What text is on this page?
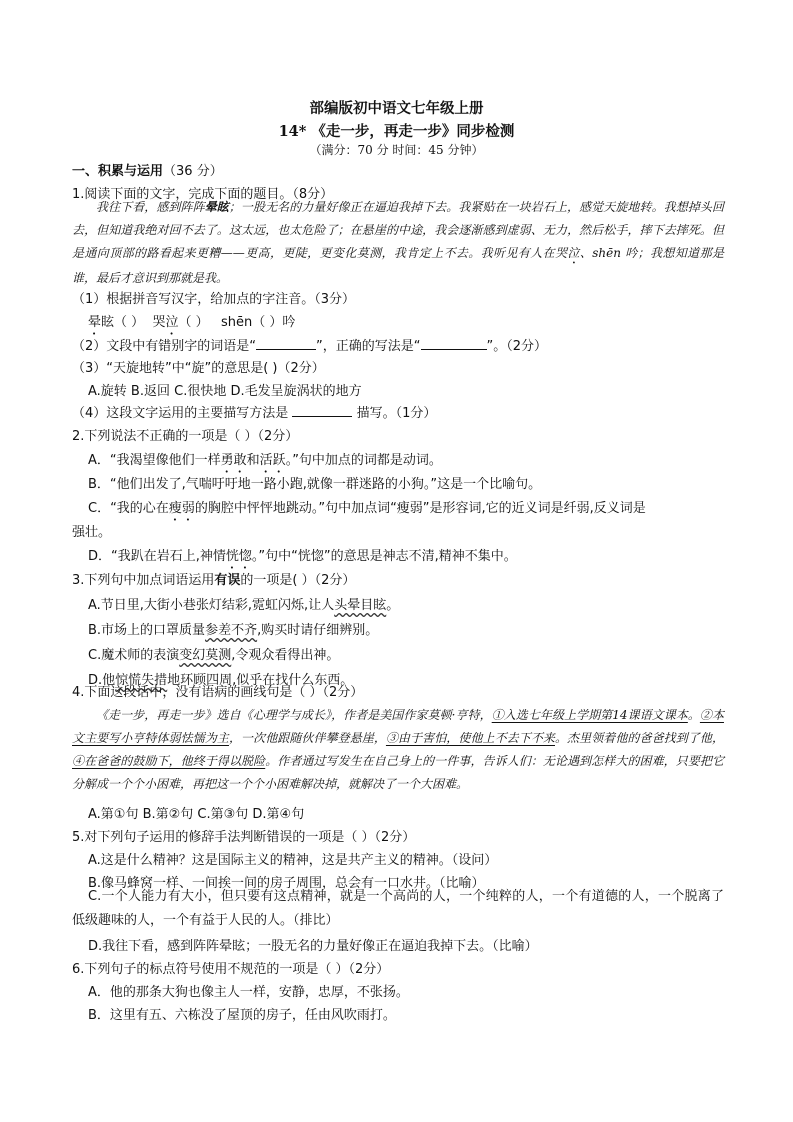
部编版初中语文七年级上册
14* 《走一步，再走一步》同步检测
（满分：70 分 时间：45 分钟）
一、积累与运用（36 分）
1.阅读下面的文字，完成下面的题目。（8分）
我往下看，感到阵阵晕眩；一股无名的力量好像正在逼迫我掉下去。我紧贴在一块岩石上，感觉天旋地转。我想掉头回去，但知道我绝对回不去了。这太远，也太危险了；在悬崖的中途，我会逐渐感到虚弱、无力，然后松手，摔下去摔死。但是通向顶部的路看起来更糟——更高，更陡，更变化莫测，我肯定上不去。我听见有人在哭泣、shēn 吟；我想知道那是谁，最后才意识到那就是我。
（1）根据拼音写汉字，给加点的字注音。（3分）
晕眩（ ） 哭泣（ ） shēn（ ）吟
（2）文段中有错别字的词语是“	”，正确的写法是“	”。（2分）
（3）“天旋地转”中“旋”的意思是( )（2分）
A.旋转 B.返回 C.很快地 D.毛发呈旋涡状的地方
（4）这段文字运用的主要描写方法是	描写。（1分）
2.下列说法不正确的一项是（ ）（2分）
A．“我渴望像他们一样勇敢和活跃。”句中加点的词都是动词。
B．“他们出发了,气喘吁吁地一路小跑,就像一群迷路的小狗。”这是一个比喻句。
C．“我的心在瘦弱的胸腔中怦怦地跳动。”句中加点词“瘦弱”是形容词,它的近义词是纤弱,反义词是
强壮。
D．“我趴在岩石上,神情恍惚。”句中“恍惚”的意思是神志不清,精神不集中。
3.下列句中加点词语运用有误的一项是( ）（2分）
A.节日里,大街小巷张灯结彩,霓虹闪烁,让人头晕目眩。
B.市场上的口罩质量参差不齐,购买时请仔细辨别。
C.魔术师的表演变幻莫测,令观众看得出神。
D.他惊慌失措地环顾四周,似乎在找什么东西。
4.下面这段话中，没有语病的画线句是（ ）（2分）
《走一步，再走一步》选自《心理学与成长》，作者是美国作家莫顿·亨特，①入选七年级上学期第14课语文课本。②本文主要写小亨特体弱怯懦为主，一次他跟随伙伴攀登悬崖，③由于害怕，使他上不去下不来。杰里领着他的爸爸找到了他，④在爸爸的鼓励下，他终于得以脱险。作者通过写发生在自己身上的一件事，告诉人们：无论遇到怎样大的困难，只要把它分解成一个个小困难，再把这一个个小困难解决掉，就解决了一个大困难。
A.第①句 B.第②句 C.第③句 D.第④句
5.对下列句子运用的修辞手法判断错误的一项是（ ）（2分）
A.这是什么精神？这是国际主义的精神，这是共产主义的精神。（设问）
B.像马蜂窝一样、一间挨一间的房子周围，总会有一口水井。（比喻）
C.一个人能力有大小，但只要有这点精神，就是一个高尚的人，一个纯粹的人，一个有道德的人，一个脱离了低级趣味的人，一个有益于人民的人。（排比）
D.我往下看，感到阵阵晕眩；一股无名的力量好像正在逼迫我掉下去。（比喻）
6.下列句子的标点符号使用不规范的一项是（ ）（2分）
A．他的那条大狗也像主人一样，安静，忠厚，不张扬。
B．这里有五、六栋没了屋顶的房子，任由风吹雨打。
